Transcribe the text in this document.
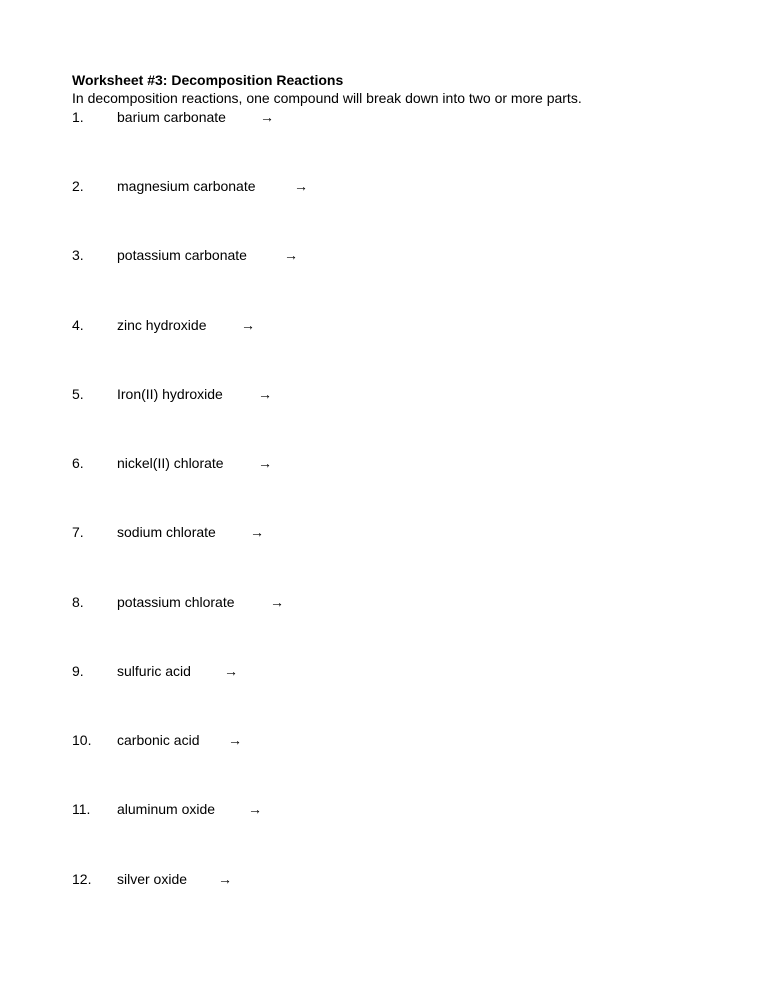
Worksheet #3: Decomposition Reactions
In decomposition reactions, one compound will break down into two or more parts.
1. barium carbonate →
2. magnesium carbonate	→
3. potassium carbonate	→
4. zinc hydroxide →
5. Iron(II) hydroxide	→
6. nickel(II) chlorate →
7. sodium chlorate →
8. potassium chlorate	→
9. sulfuric acid →
10. carbonic acid →
11. aluminum oxide →
12. silver oxide →
